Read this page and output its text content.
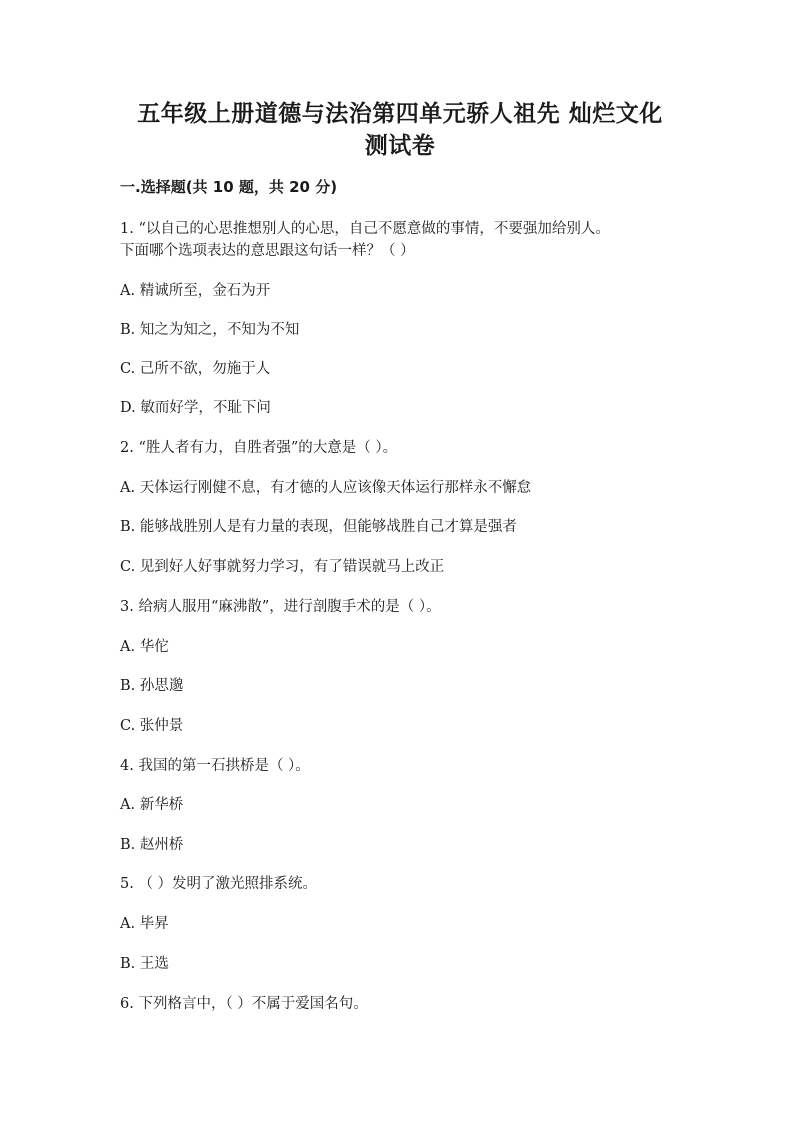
五年级上册道德与法治第四单元骄人祖先 灿烂文化
测试卷
一.选择题(共 10 题，共 20 分)
1. “以自己的心思推想别人的心思，自己不愿意做的事情，不要强加给别人。
下面哪个选项表达的意思跟这句话一样？（ ）
A. 精诚所至，金石为开
B. 知之为知之，不知为不知
C. 己所不欲，勿施于人
D. 敏而好学，不耻下问
2. “胜人者有力，自胜者强”的大意是（ ）。
A. 天体运行刚健不息，有才德的人应该像天体运行那样永不懈怠
B. 能够战胜别人是有力量的表现，但能够战胜自己才算是强者
C. 见到好人好事就努力学习，有了错误就马上改正
3. 给病人服用“麻沸散”，进行剖腹手术的是（ ）。
A. 华佗
B. 孙思邈
C. 张仲景
4. 我国的第一石拱桥是（ ）。
A. 新华桥
B. 赵州桥
5. （ ）发明了激光照排系统。
A. 毕昇
B. 王选
6. 下列格言中，（ ）不属于爱国名句。
